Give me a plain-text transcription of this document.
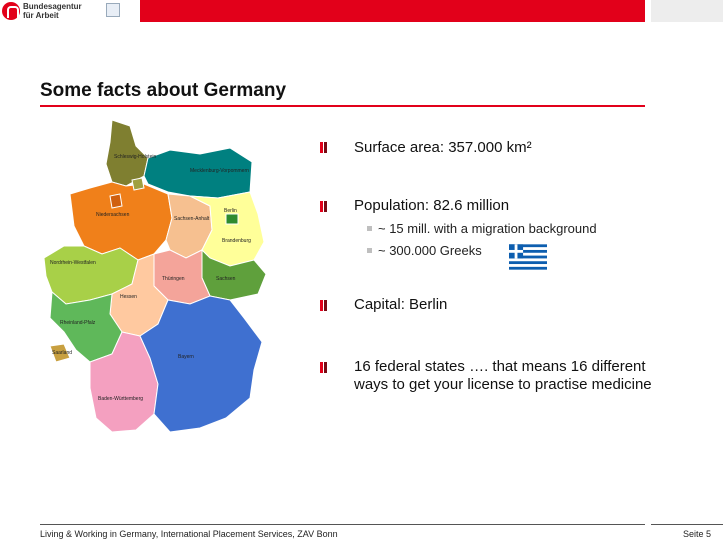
Bundesagentur
für Arbeit
Some facts about Germany
Schleswig-Holstein
Mecklenburg-Vorpommern
Niedersachsen
Sachsen-Anhalt
Berlin
Brandenburg
Nordrhein-Westfalen
Thüringen	Sachsen
Hessen
Rheinland-Pfalz
Saarland
Bayern
Baden-Württemberg
Surface area: 357.000 km²
Population: 82.6 million
~ 15 mill. with a migration background
~ 300.000 Greeks
Capital: Berlin
16 federal states …. that means 16 different ways to get your license to practise medicine
Living & Working in Germany, International Placement Services, ZAV Bonn	Seite 5
